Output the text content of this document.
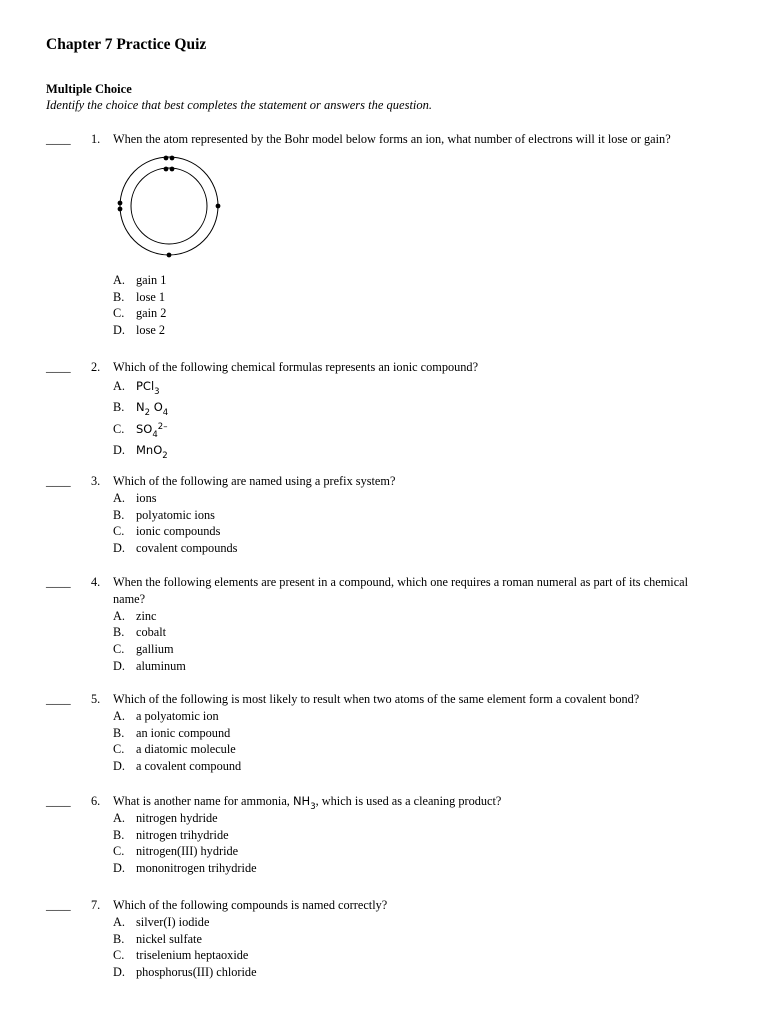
Chapter 7 Practice Quiz
Multiple Choice
Identify the choice that best completes the statement or answers the question.
____ 1. When the atom represented by the Bohr model below forms an ion, what number of electrons will it lose or gain?
A. gain 1
B. lose 1
C. gain 2
D. lose 2
____ 2. Which of the following chemical formulas represents an ionic compound?
A. PCl$_3$
B. $N_2$ $O_4$
C. $SO_4^{2-}$
D. MnO$_2$
____ 3. Which of the following are named using a prefix system?
A. ions
B. polyatomic ions
C. ionic compounds
D. covalent compounds
____ 4. When the following elements are present in a compound, which one requires a roman numeral as part of its chemical name?
A. zinc
B. cobalt
C. gallium
D. aluminum
____ 5. Which of the following is most likely to result when two atoms of the same element form a covalent bond?
A. a polyatomic ion
B. an ionic compound
C. a diatomic molecule
D. a covalent compound
____ 6. What is another name for ammonia, $NH_3$, which is used as a cleaning product?
A. nitrogen hydride
B. nitrogen trihydride
C. nitrogen(III) hydride
D. mononitrogen trihydride
____ 7. Which of the following compounds is named correctly?
A. silver(I) iodide
B. nickel sulfate
C. triselenium heptaoxide
D. phosphorus(III) chloride
